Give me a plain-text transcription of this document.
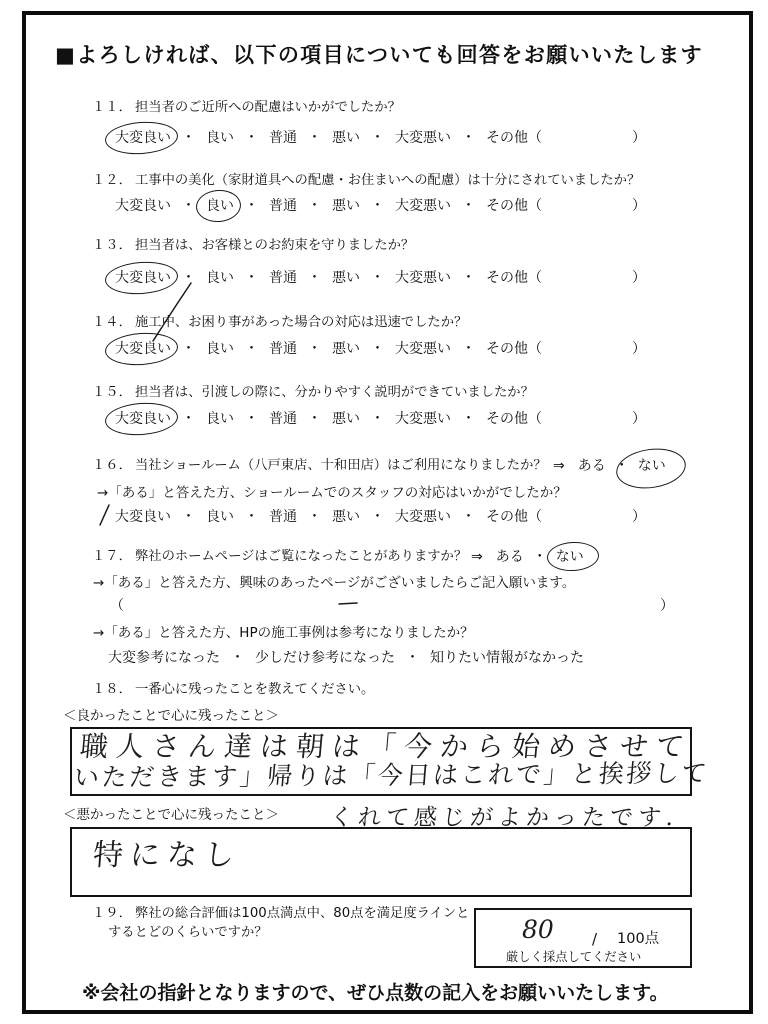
■よろしければ、以下の項目についても回答をお願いいたします
１１． 担当者のご近所への配慮はいかがでしたか？
大変良い ・ 良い ・ 普通 ・ 悪い ・ 大変悪い ・ その他（	）
１２． 工事中の美化（家財道具への配慮・お住まいへの配慮）は十分にされていましたか？
大変良い ・ 良い ・ 普通 ・ 悪い ・ 大変悪い ・ その他（	）
１３． 担当者は、お客様とのお約束を守りましたか？
大変良い ・ 良い ・ 普通 ・ 悪い ・ 大変悪い ・ その他（	）
１４． 施工中、お困り事があった場合の対応は迅速でしたか？
大変良い ・ 良い ・ 普通 ・ 悪い ・ 大変悪い ・ その他（	）
１５． 担当者は、引渡しの際に、分かりやすく説明ができていましたか？
大変良い ・ 良い ・ 普通 ・ 悪い ・ 大変悪い ・ その他（	）
１６． 当社ショールーム（八戸東店、十和田店）はご利用になりましたか？ ⇒ ある ・ ない
→「ある」と答えた方、ショールームでのスタッフの対応はいかがでしたか？
大変良い ・ 良い ・ 普通 ・ 悪い ・ 大変悪い ・ その他（	）
１７． 弊社のホームページはご覧になったことがありますか？ ⇒ ある ・ ない
→「ある」と答えた方、興味のあったページがございましたらご記入願います。
（	）
→「ある」と答えた方、HPの施工事例は参考になりましたか？
大変参考になった ・ 少しだけ参考になった ・ 知りたい情報がなかった
１８． 一番心に残ったことを教えてください。
＜良かったことで心に残ったこと＞
職人さん達は朝は「今から始めさせて
いただきます」帰りは「今日はこれで」と挨拶して
＜悪かったことで心に残ったこと＞ くれて感じがよかったです.
特になし
１９． 弊社の総合評価は100点満点中、80点を満足度ラインと
するとどのくらいですか？	80	/ 100点
厳しく採点してください
※会社の指針となりますので、ぜひ点数の記入をお願いいたします。
